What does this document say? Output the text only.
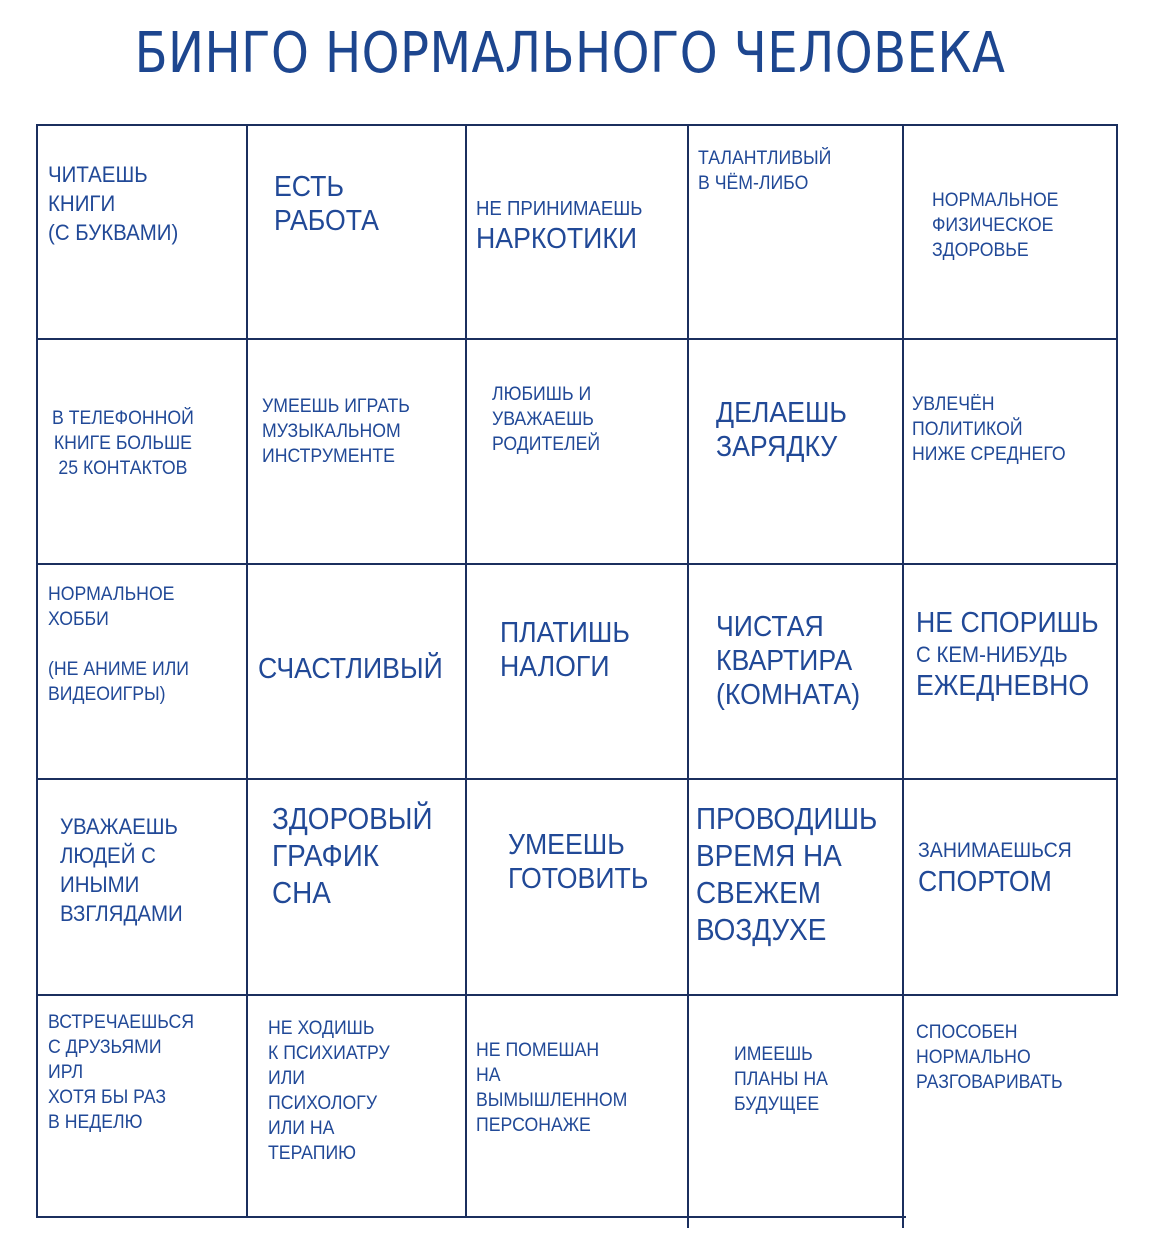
БИНГО НОРМАЛЬНОГО ЧЕЛОВЕКА
ЧИТАЕШЬ
КНИГИ
(С БУКВАМИ)
ЕСТЬ
РАБОТА	НЕ ПРИНИМАЕШЬ
НАРКОТИКИ
ТАЛАНТЛИВЫЙ
В ЧЁМ-ЛИБО
НОРМАЛЬНОЕ
ФИЗИЧЕСКОЕ
ЗДОРОВЬЕ
В ТЕЛЕФОННОЙ
КНИГЕ БОЛЬШЕ
25 КОНТАКТОВ
УМЕЕШЬ ИГРАТЬ
МУЗЫКАЛЬНОМ
ИНСТРУМЕНТЕ
ЛЮБИШЬ И
УВАЖАЕШЬ
РОДИТЕЛЕЙ
ДЕЛАЕШЬ
ЗАРЯДКУ
УВЛЕЧЁН
ПОЛИТИКОЙ
НИЖЕ СРЕДНЕГО
НОРМАЛЬНОЕ
ХОББИ
(НЕ АНИМЕ ИЛИ
ВИДЕОИГРЫ)
СЧАСТЛИВЫЙ
ПЛАТИШЬ
НАЛОГИ
ЧИСТАЯ
КВАРТИРА
(КОМНАТА)
НЕ СПОРИШЬ
С КЕМ-НИБУДЬ
ЕЖЕДНЕВНО
УВАЖАЕШЬ
ЛЮДЕЙ С
ИНЫМИ
ВЗГЛЯДАМИ
ЗДОРОВЫЙ
ГРАФИК
СНА
УМЕЕШЬ
ГОТОВИТЬ
ПРОВОДИШЬ
ВРЕМЯ НА
СВЕЖЕМ
ВОЗДУХЕ
ЗАНИМАЕШЬСЯ
СПОРТОМ
ВСТРЕЧАЕШЬСЯ
С ДРУЗЬЯМИ
ИРЛ
ХОТЯ БЫ РАЗ
В НЕДЕЛЮ
НЕ ХОДИШЬ
К ПСИХИАТРУ
ИЛИ
ПСИХОЛОГУ
ИЛИ НА
ТЕРАПИЮ
НЕ ПОМЕШАН
НА
ВЫМЫШЛЕННОМ
ПЕРСОНАЖЕ
ИМЕЕШЬ
ПЛАНЫ НА
БУДУЩЕЕ
СПОСОБЕН
НОРМАЛЬНО
РАЗГОВАРИВАТЬ
